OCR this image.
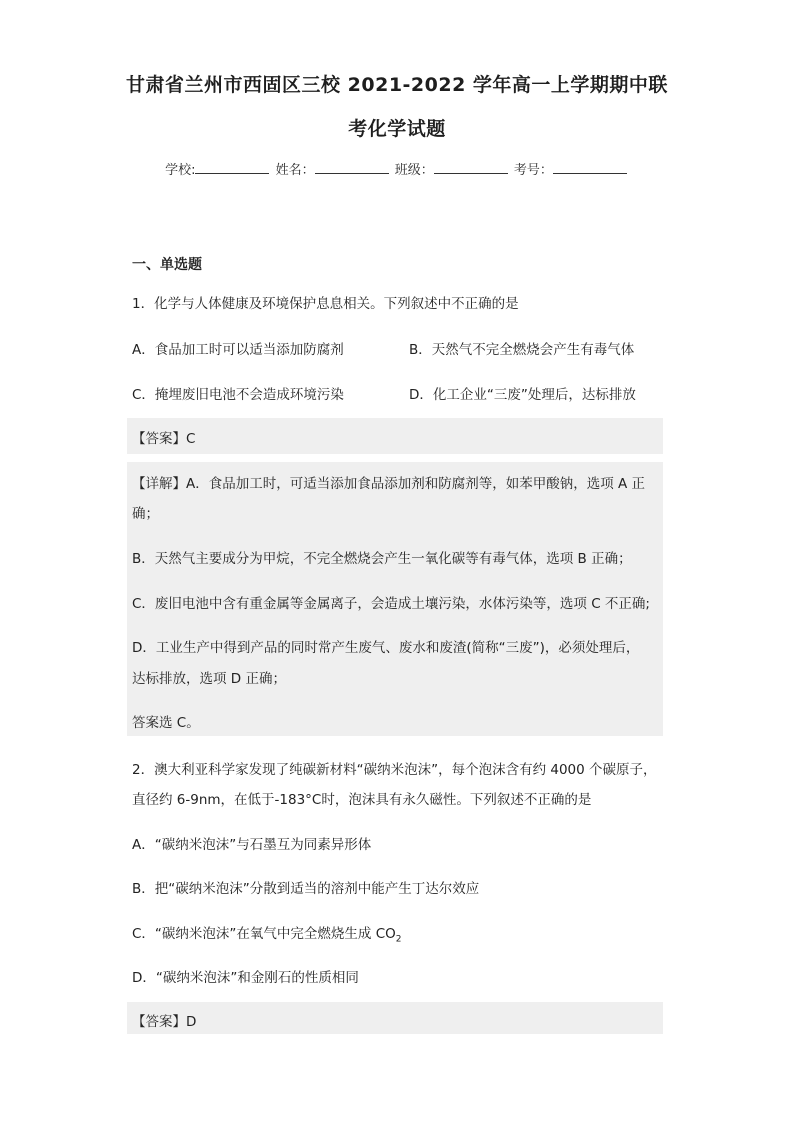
甘肃省兰州市西固区三校 2021-2022 学年高一上学期期中联
考化学试题
学校:	姓名：	班级：	考号：
一、单选题
1．化学与人体健康及环境保护息息相关。下列叙述中不正确的是
A．食品加工时可以适当添加防腐剂	B．天然气不完全燃烧会产生有毒气体
C．掩埋废旧电池不会造成环境污染	D．化工企业“三废”处理后，达标排放
【答案】C
【详解】A．食品加工时，可适当添加食品添加剂和防腐剂等，如苯甲酸钠，选项 A 正
确；
B．天然气主要成分为甲烷，不完全燃烧会产生一氧化碳等有毒气体，选项 B 正确；
C．废旧电池中含有重金属等金属离子，会造成土壤污染，水体污染等，选项 C 不正确;
D．工业生产中得到产品的同时常产生废气、废水和废渣(简称“三废”)，必须处理后，
达标排放，选项 D 正确；
答案选 C。
2．澳大利亚科学家发现了纯碳新材料“碳纳米泡沫”，每个泡沫含有约 4000 个碳原子，
直径约 6-9nm，在低于-183°C时，泡沫具有永久磁性。下列叙述不正确的是
A．“碳纳米泡沫”与石墨互为同素异形体
B．把“碳纳米泡沫”分散到适当的溶剂中能产生丁达尔效应
C．“碳纳米泡沫”在氧气中完全燃烧生成 $CO_2$
D．“碳纳米泡沫”和金刚石的性质相同
【答案】D
